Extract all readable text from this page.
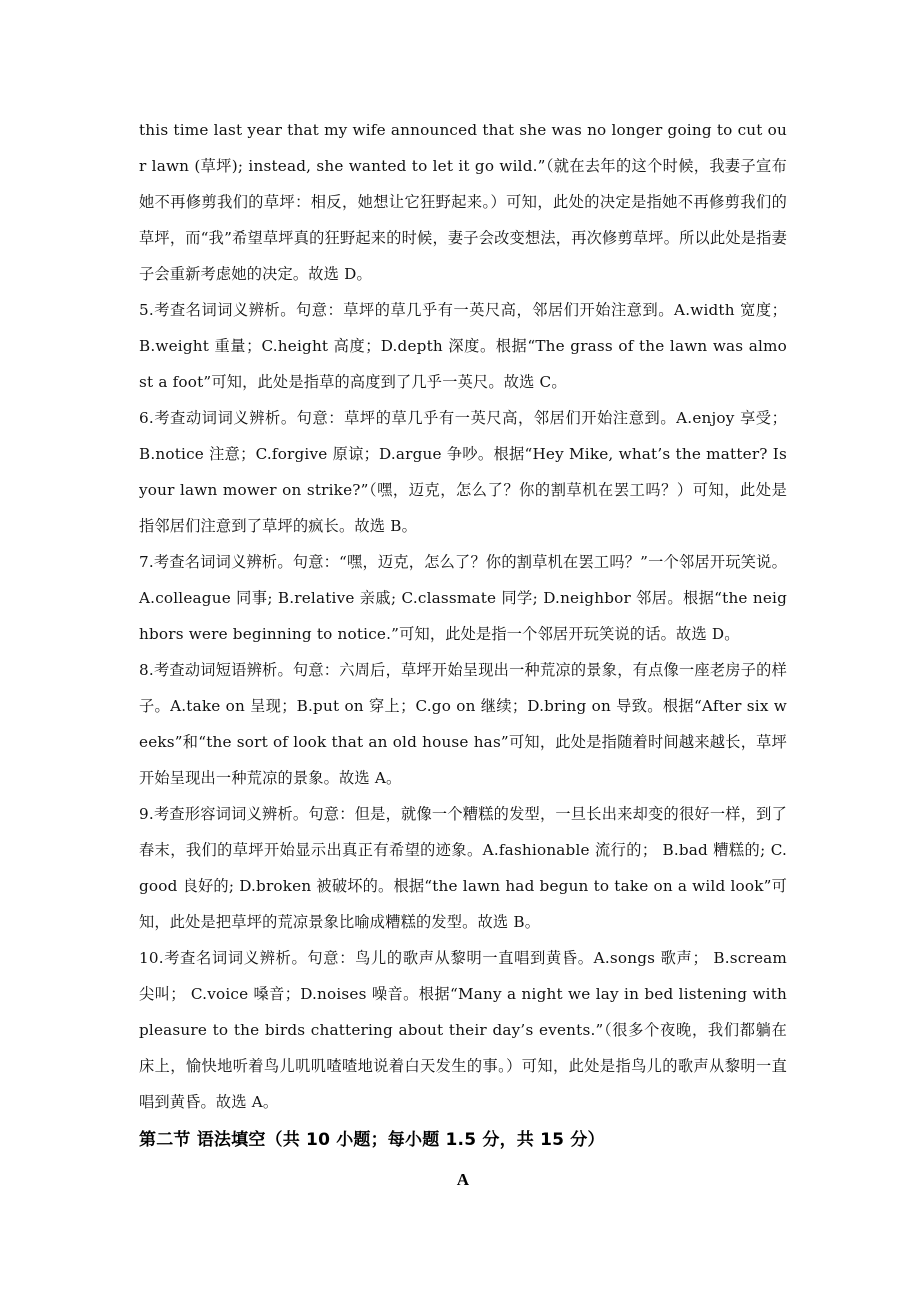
this time last year that my wife announced that she was no longer going to cut our lawn (草坪); instead, she wanted to let it go wild.”（就在去年的这个时候，我妻子宣布她不再修剪我们的草坪：相反，她想让它狂野起来。）可知，此处的决定是指她不再修剪我们的草坪，而“我”希望草坪真的狂野起来的时候，妻子会改变想法，再次修剪草坪。所以此处是指妻子会重新考虑她的决定。故选 D。

5.考查名词词义辨析。句意：草坪的草几乎有一英尺高，邻居们开始注意到。A.width 宽度；B.weight 重量；C.height 高度；D.depth 深度。根据“The grass of the lawn was almost a foot”可知，此处是指草的高度到了几乎一英尺。故选 C。

6.考查动词词义辨析。句意：草坪的草几乎有一英尺高，邻居们开始注意到。A.enjoy 享受；B.notice 注意；C.forgive 原谅；D.argue 争吵。根据“Hey Mike, what’s the matter? Is your lawn mower on strike?”（嘿，迈克，怎么了？你的割草机在罢工吗？）可知，此处是指邻居们注意到了草坪的疯长。故选 B。

7.考查名词词义辨析。句意：“嘿，迈克，怎么了？你的割草机在罢工吗？”一个邻居开玩笑说。A.colleague 同事; B.relative 亲戚; C.classmate 同学; D.neighbor 邻居。根据“the neighbors were beginning to notice.”可知，此处是指一个邻居开玩笑说的话。故选 D。

8.考查动词短语辨析。句意：六周后，草坪开始呈现出一种荒凉的景象，有点像一座老房子的样子。A.take on 呈现；B.put on 穿上；C.go on 继续；D.bring on 导致。根据“After six weeks”和“the sort of look that an old house has”可知，此处是指随着时间越来越长，草坪开始呈现出一种荒凉的景象。故选 A。

9.考查形容词词义辨析。句意：但是，就像一个糟糕的发型，一旦长出来却变的很好一样，到了春末，我们的草坪开始显示出真正有希望的迹象。A.fashionable 流行的； B.bad 糟糕的; C.good 良好的; D.broken 被破坏的。根据“the lawn had begun to take on a wild look”可知，此处是把草坪的荒凉景象比喻成糟糕的发型。故选 B。

10.考查名词词义辨析。句意：鸟儿的歌声从黎明一直唱到黄昏。A.songs 歌声； B.scream 尖叫； C.voice 嗓音；D.noises 噪音。根据“Many a night we lay in bed listening with pleasure to the birds chattering about their day’s events.”（很多个夜晚，我们都躺在床上，愉快地听着鸟儿叽叽喳喳地说着白天发生的事。）可知，此处是指鸟儿的歌声从黎明一直唱到黄昏。故选 A。

第二节 语法填空（共 10 小题；每小题 1.5 分，共 15 分）

A
